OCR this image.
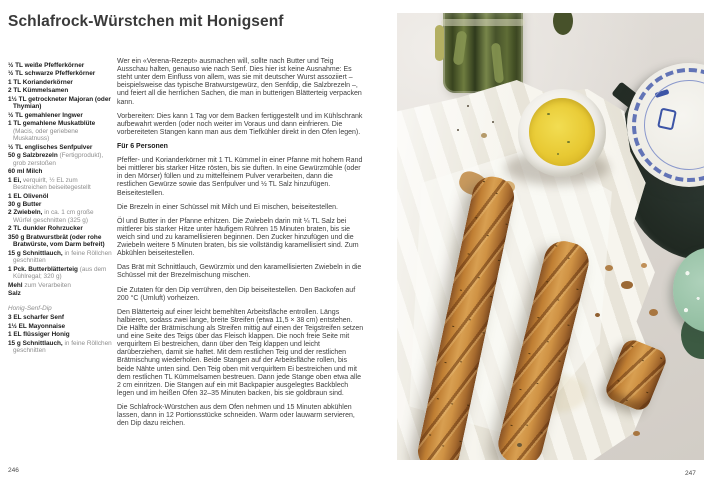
Schlafrock-Würstchen mit Honigsenf
½ TL weiße Pfefferkörner
½ TL schwarze Pfefferkörner
1 TL Korianderkörner
2 TL Kümmelsamen
1½ TL getrockneter Majoran (oder Thymian)
½ TL gemahlener Ingwer
1 TL gemahlene Muskatblüte (Macis, oder geriebene Muskatnuss)
½ TL englisches Senfpulver
50 g Salzbrezeln (Fertigprodukt), grob zerstoßen
60 ml Milch
1 Ei, verquirlt, ½ EL zum Bestreichen beiseitegestellt
1 EL Olivenöl
30 g Butter
2 Zwiebeln, in ca. 1 cm große Würfel geschnitten (325 g)
2 TL dunkler Rohrzucker
350 g Bratwurstbrät (oder rohe Bratwürste, vom Darm befreit)
15 g Schnittlauch, in feine Röllchen geschnitten
1 Pck. Butterblätterteig (aus dem Kühlregal; 320 g)
Mehl zum Verarbeiten
Salz
Honig-Senf-Dip
3 EL scharfer Senf
1½ EL Mayonnaise
1 EL flüssiger Honig
15 g Schnittlauch, in feine Röllchen geschnitten

Wer ein «Verena-Rezept» ausmachen will, sollte nach Butter und Teig Ausschau halten, genauso wie nach Senf. Dies hier ist keine Ausnahme: Es steht unter dem Einfluss von allem, was sie mit deutscher Wurst assoziiert – beispielsweise das typische Bratwurstgewürz, den Senfdip, die Salzbrezeln –, und feiert all die herrlichen Sachen, die man in butterigen Blätterteig verpacken kann.

Vorbereiten: Dies kann 1 Tag vor dem Backen fertiggestellt und im Kühlschrank aufbewahrt werden (oder noch weiter im Voraus und dann einfrieren. Die vorbereiteten Stangen kann man aus dem Tiefkühler direkt in den Ofen legen).

Für 6 Personen

Pfeffer- und Korianderkörner mit 1 TL Kümmel in einer Pfanne mit hohem Rand bei mittlerer bis starker Hitze rösten, bis sie duften. In eine Gewürzmühle (oder in den Mörser) füllen und zu mittelfeinem Pulver verarbeiten, dann die restlichen Gewürze sowie das Senfpulver und ½ TL Salz hinzufügen. Beiseitestellen.

Die Brezeln in einer Schüssel mit Milch und Ei mischen, beiseitestellen.

Öl und Butter in der Pfanne erhitzen. Die Zwiebeln darin mit ¼ TL Salz bei mittlerer bis starker Hitze unter häufigem Rühren 15 Minuten braten, bis sie weich sind und zu karamellisieren beginnen. Den Zucker hinzufügen und die Zwiebeln weitere 5 Minuten braten, bis sie vollständig karamellisiert sind. Zum Abkühlen beiseitestellen.

Das Brät mit Schnittlauch, Gewürzmix und den karamellisierten Zwiebeln in die Schüssel mit der Brezelmischung mischen.

Die Zutaten für den Dip verrühren, den Dip beiseitestellen. Den Backofen auf 200 °C (Umluft) vorheizen.

Den Blätterteig auf einer leicht bemehlten Arbeitsfläche entrollen. Längs halbieren, sodass zwei lange, breite Streifen (etwa 11,5 × 38 cm) entstehen. Die Hälfte der Brätmischung als Streifen mittig auf einen der Teigstreifen setzen und eine Seite des Teigs über das Fleisch klappen. Die noch freie Seite mit verquirltem Ei bestreichen, dann über den Teig klappen und leicht darüberziehen, damit sie haftet. Mit dem restlichen Teig und der restlichen Brätmischung wiederholen. Beide Stangen auf der Arbeitsfläche rollen, bis beide Nähte unten sind. Den Teig oben mit verquirltem Ei bestreichen und mit dem restlichen TL Kümmelsamen bestreuen. Dann jede Stange oben etwa alle 2 cm einritzen. Die Stangen auf ein mit Backpapier ausgelegtes Backblech legen und im heißen Ofen 32–35 Minuten backen, bis sie goldbraun sind.

Die Schlafrock-Würstchen aus dem Ofen nehmen und 15 Minuten abkühlen lassen, dann in 12 Portionsstücke schneiden. Warm oder lauwarm servieren, den Dip dazu reichen.

246	247
